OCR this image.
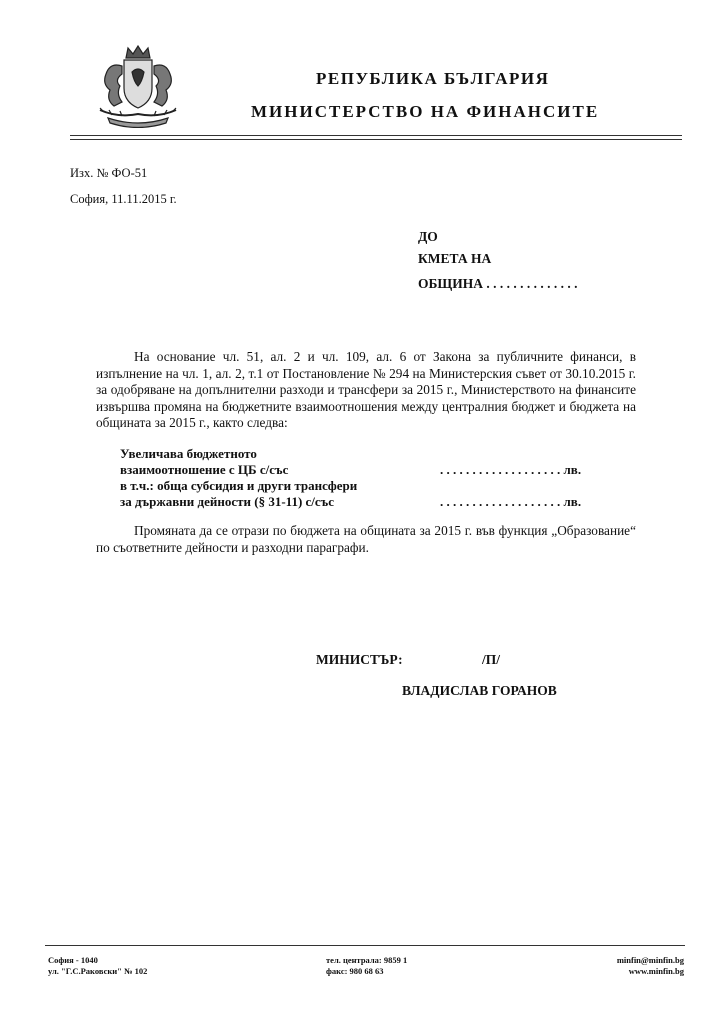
РЕПУБЛИКА БЪЛГАРИЯ
МИНИСТЕРСТВО НА ФИНАНСИТЕ
Изх. № ФО-51
София, 11.11.2015 г.
ДО
КМЕТА НА
ОБЩИНА . . . . . . . . . . . . . .
На основание чл. 51, ал. 2 и чл. 109, ал. 6 от Закона за публичните финанси, в изпълнение на чл. 1, ал. 2, т.1 от Постановление № 294 на Министерския съвет от 30.10.2015 г. за одобряване на допълнителни разходи и трансфери за 2015 г., Министерството на финансите извършва промяна на бюджетните взаимоотношения между централния бюджет и бюджета на общината за 2015 г., както следва:
Увеличава бюджетното
взаимоотношение с ЦБ с/със	. . . . . . . . . . . . . . . . . . . лв.
в т.ч.: обща субсидия и други трансфери
за държавни дейности (§ 31-11) с/със	. . . . . . . . . . . . . . . . . . . лв.
Промяната да се отрази по бюджета на общината за 2015 г. във функция „Образование“ по съответните дейности и разходни параграфи.
МИНИСТЪР:	/П/
ВЛАДИСЛАВ ГОРАНОВ
София - 1040
ул. "Г.С.Раковски" № 102
тел. централа: 9859 1
факс: 980 68 63
minfin@minfin.bg
www.minfin.bg
